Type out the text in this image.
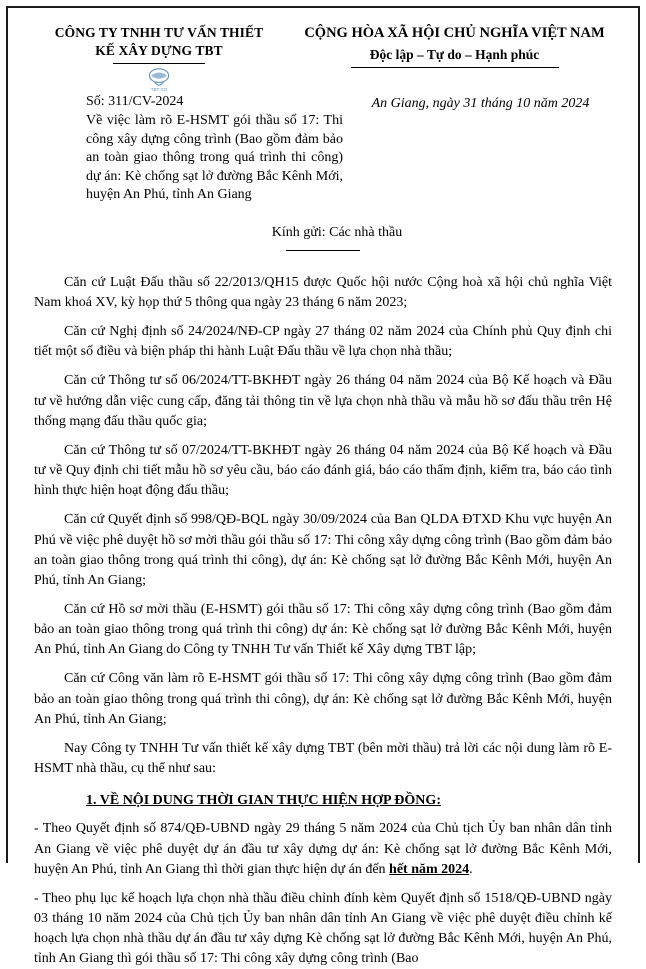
CÔNG TY TNHH TƯ VẤN THIẾT
KẾ XÂY DỰNG TBT
TBT CO
CỘNG HÒA XÃ HỘI CHỦ NGHĨA VIỆT NAM
Độc lập – Tự do – Hạnh phúc
Số: 311/CV-2024
Về việc làm rõ E-HSMT gói thầu số 17: Thi công xây dựng công trình (Bao gồm đảm bảo an toàn giao thông trong quá trình thi công) dự án: Kè chống sạt lở đường Bắc Kênh Mới, huyện An Phú, tỉnh An Giang
An Giang, ngày 31 tháng 10 năm 2024
Kính gửi: Các nhà thầu

Căn cứ Luật Đấu thầu số 22/2013/QH15 được Quốc hội nước Cộng hoà xã hội chủ nghĩa Việt Nam khoá XV, kỳ họp thứ 5 thông qua ngày 23 tháng 6 năm 2023;

Căn cứ Nghị định số 24/2024/NĐ-CP ngày 27 tháng 02 năm 2024 của Chính phủ Quy định chi tiết một số điều và biện pháp thi hành Luật Đấu thầu về lựa chọn nhà thầu;

Căn cứ Thông tư số 06/2024/TT-BKHĐT ngày 26 tháng 04 năm 2024 của Bộ Kế hoạch và Đầu tư về hướng dẫn việc cung cấp, đăng tải thông tin về lựa chọn nhà thầu và mẫu hồ sơ đấu thầu trên Hệ thống mạng đấu thầu quốc gia;

Căn cứ Thông tư số 07/2024/TT-BKHĐT ngày 26 tháng 04 năm 2024 của Bộ Kế hoạch và Đầu tư về Quy định chi tiết mẫu hồ sơ yêu cầu, báo cáo đánh giá, báo cáo thẩm định, kiểm tra, báo cáo tình hình thực hiện hoạt động đấu thầu;

Căn cứ Quyết định số 998/QĐ-BQL ngày 30/09/2024 của Ban QLDA ĐTXD Khu vực huyện An Phú về việc phê duyệt hồ sơ mời thầu gói thầu số 17: Thi công xây dựng công trình (Bao gồm đảm bảo an toàn giao thông trong quá trình thi công), dự án: Kè chống sạt lở đường Bắc Kênh Mới, huyện An Phú, tỉnh An Giang;

Căn cứ Hồ sơ mời thầu (E-HSMT) gói thầu số 17: Thi công xây dựng công trình (Bao gồm đảm bảo an toàn giao thông trong quá trình thi công) dự án: Kè chống sạt lở đường Bắc Kênh Mới, huyện An Phú, tỉnh An Giang do Công ty TNHH Tư vấn Thiết kế Xây dựng TBT lập;

Căn cứ Công văn làm rõ E-HSMT gói thầu số 17: Thi công xây dựng công trình (Bao gồm đảm bảo an toàn giao thông trong quá trình thi công), dự án: Kè chống sạt lở đường Bắc Kênh Mới, huyện An Phú, tỉnh An Giang;

Nay Công ty TNHH Tư vấn thiết kế xây dựng TBT (bên mời thầu) trả lời các nội dung làm rõ E-HSMT nhà thầu, cụ thể như sau:

1. VỀ NỘI DUNG THỜI GIAN THỰC HIỆN HỢP ĐỒNG:

- Theo Quyết định số 874/QĐ-UBND ngày 29 tháng 5 năm 2024 của Chủ tịch Ủy ban nhân dân tỉnh An Giang về việc phê duyệt dự án đầu tư xây dựng dự án: Kè chống sạt lở đường Bắc Kênh Mới, huyện An Phú, tỉnh An Giang thì thời gian thực hiện dự án đến hết năm 2024.

- Theo phụ lục kế hoạch lựa chọn nhà thầu điều chỉnh đính kèm Quyết định số 1518/QĐ-UBND ngày 03 tháng 10 năm 2024 của Chủ tịch Ủy ban nhân dân tỉnh An Giang về việc phê duyệt điều chỉnh kế hoạch lựa chọn nhà thầu dự án đầu tư xây dựng Kè chống sạt lở đường Bắc Kênh Mới, huyện An Phú, tỉnh An Giang thì gói thầu số 17: Thi công xây dựng công trình (Bao
